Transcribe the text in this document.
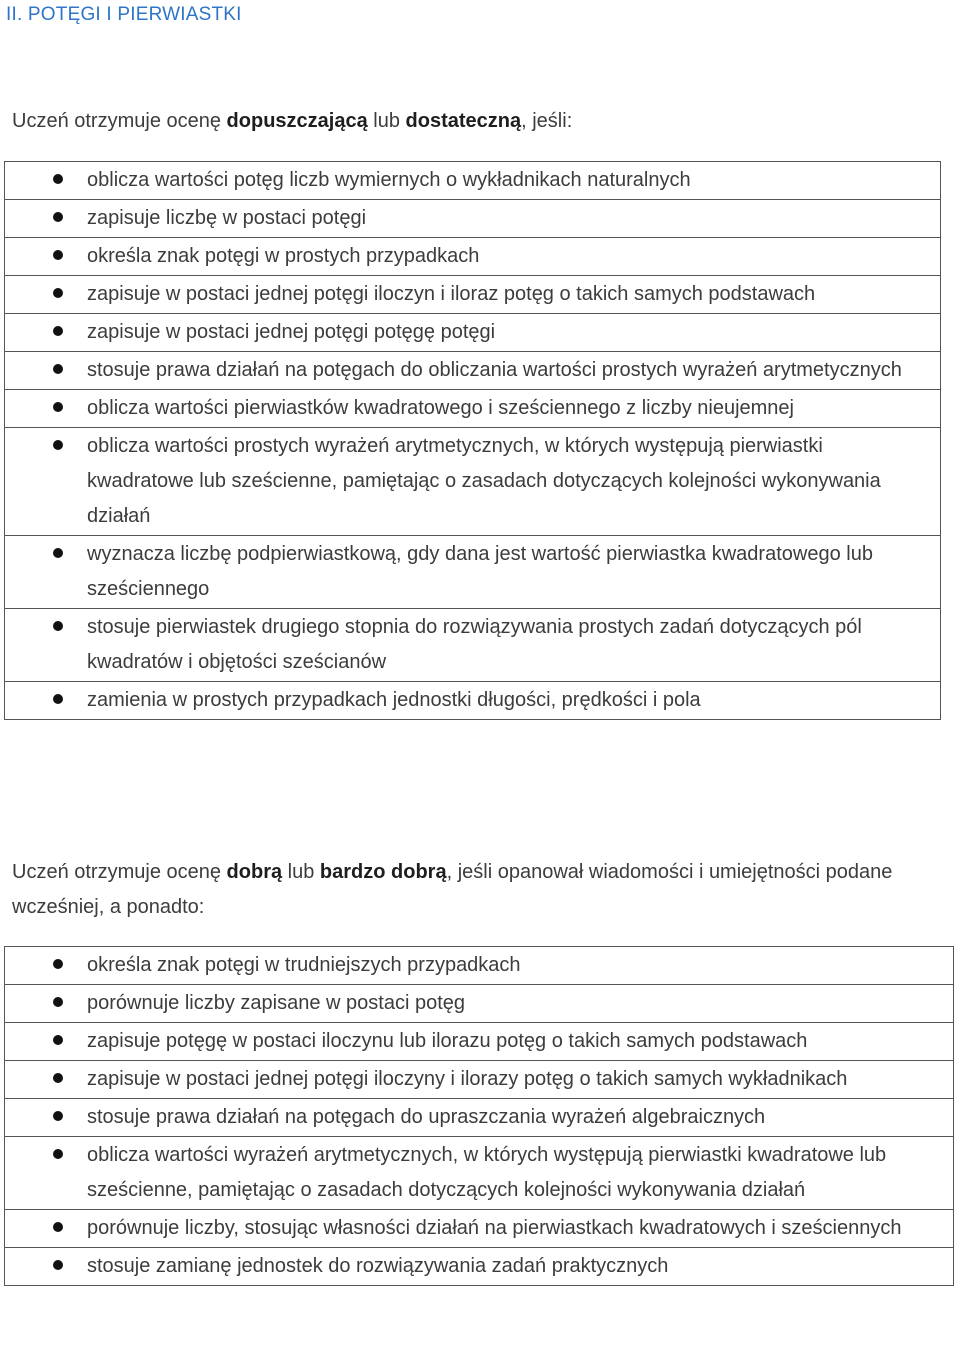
II. POTĘGI I PIERWIASTKI

Uczeń otrzymuje ocenę dopuszczającą lub dostateczną, jeśli:

oblicza wartości potęg liczb wymiernych o wykładnikach naturalnych

zapisuje liczbę w postaci potęgi

określa znak potęgi w prostych przypadkach

zapisuje w postaci jednej potęgi iloczyn i iloraz potęg o takich samych podstawach

zapisuje w postaci jednej potęgi potęgę potęgi

stosuje prawa działań na potęgach do obliczania wartości prostych wyrażeń arytmetycznych

oblicza wartości pierwiastków kwadratowego i sześciennego z liczby nieujemnej

oblicza wartości prostych wyrażeń arytmetycznych, w których występują pierwiastki kwadratowe lub sześcienne, pamiętając o zasadach dotyczących kolejności wykonywania działań

wyznacza liczbę podpierwiastkową, gdy dana jest wartość pierwiastka kwadratowego lub sześciennego

stosuje pierwiastek drugiego stopnia do rozwiązywania prostych zadań dotyczących pól kwadratów i objętości sześcianów

zamienia w prostych przypadkach jednostki długości, prędkości i pola

Uczeń otrzymuje ocenę dobrą lub bardzo dobrą, jeśli opanował wiadomości i umiejętności podane wcześniej, a ponadto:

określa znak potęgi w trudniejszych przypadkach

porównuje liczby zapisane w postaci potęg

zapisuje potęgę w postaci iloczynu lub ilorazu potęg o takich samych podstawach

zapisuje w postaci jednej potęgi iloczyny i ilorazy potęg o takich samych wykładnikach

stosuje prawa działań na potęgach do upraszczania wyrażeń algebraicznych

oblicza wartości wyrażeń arytmetycznych, w których występują pierwiastki kwadratowe lub sześcienne, pamiętając o zasadach dotyczących kolejności wykonywania działań

porównuje liczby, stosując własności działań na pierwiastkach kwadratowych i sześciennych

stosuje zamianę jednostek do rozwiązywania zadań praktycznych
